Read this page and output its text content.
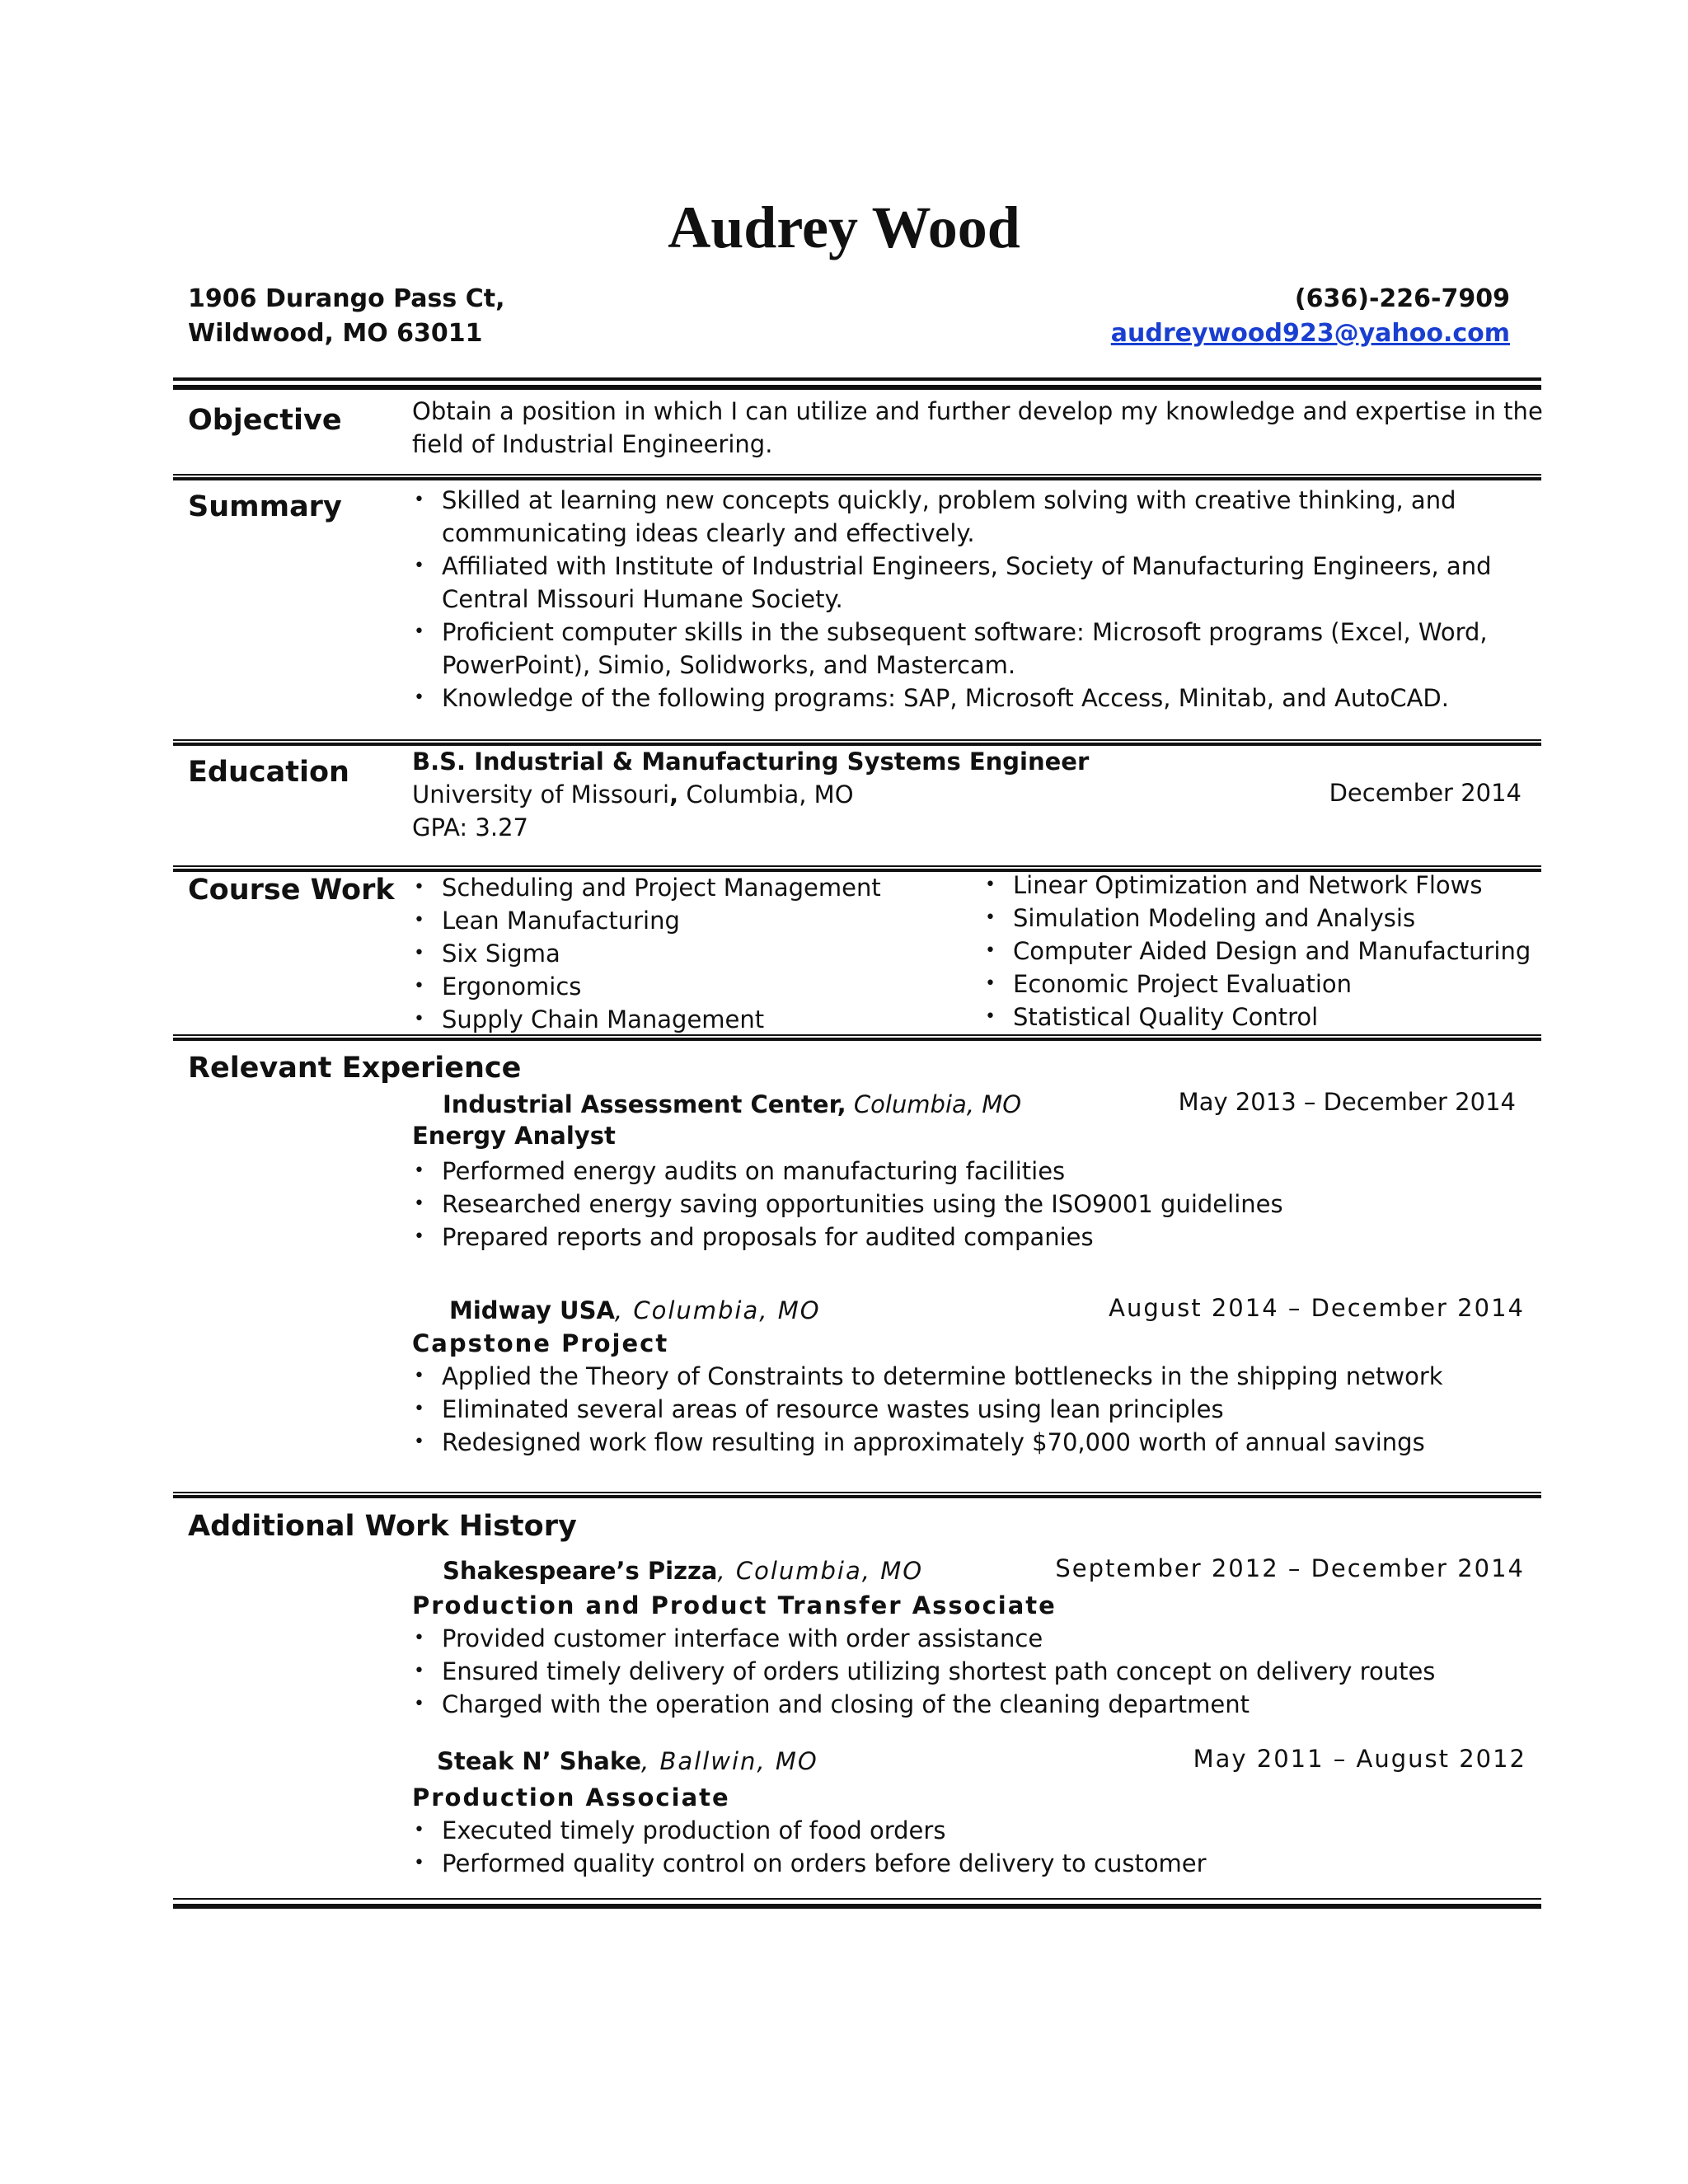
Audrey Wood
1906 Durango Pass Ct,
Wildwood, MO 63011
(636)-226-7909
audreywood923@yahoo.com
Objective	Obtain a position in which I can utilize and further develop my knowledge and expertise in the
field of Industrial Engineering.
Summary	• Skilled at learning new concepts quickly, problem solving with creative thinking, and
communicating ideas clearly and effectively.
• Affiliated with Institute of Industrial Engineers, Society of Manufacturing Engineers, and
Central Missouri Humane Society.
• Proficient computer skills in the subsequent software: Microsoft programs (Excel, Word,
PowerPoint), Simio, Solidworks, and Mastercam.
• Knowledge of the following programs: SAP, Microsoft Access, Minitab, and AutoCAD.
Education	B.S. Industrial & Manufacturing Systems Engineer
University of Missouri, Columbia, MO
GPA: 3.27
December 2014
Course Work	• Scheduling and Project Management
• Lean Manufacturing
• Six Sigma
• Ergonomics
• Supply Chain Management
• Linear Optimization and Network Flows
• Simulation Modeling and Analysis
• Computer Aided Design and Manufacturing
• Economic Project Evaluation
• Statistical Quality Control
Relevant Experience
Industrial Assessment Center, Columbia, MO	May 2013 – December 2014
Energy Analyst
• Performed energy audits on manufacturing facilities
• Researched energy saving opportunities using the ISO9001 guidelines
• Prepared reports and proposals for audited companies
Midway USA, Columbia, MO	August 2014 – December 2014
Capstone Project
• Applied the Theory of Constraints to determine bottlenecks in the shipping network
• Eliminated several areas of resource wastes using lean principles
• Redesigned work flow resulting in approximately $70,000 worth of annual savings
Additional Work History
Shakespeare’s Pizza, Columbia, MO	September 2012 – December 2014
Production and Product Transfer Associate
• Provided customer interface with order assistance
• Ensured timely delivery of orders utilizing shortest path concept on delivery routes
• Charged with the operation and closing of the cleaning department
Steak N’ Shake, Ballwin, MO	May 2011 – August 2012
Production Associate
• Executed timely production of food orders
• Performed quality control on orders before delivery to customer
